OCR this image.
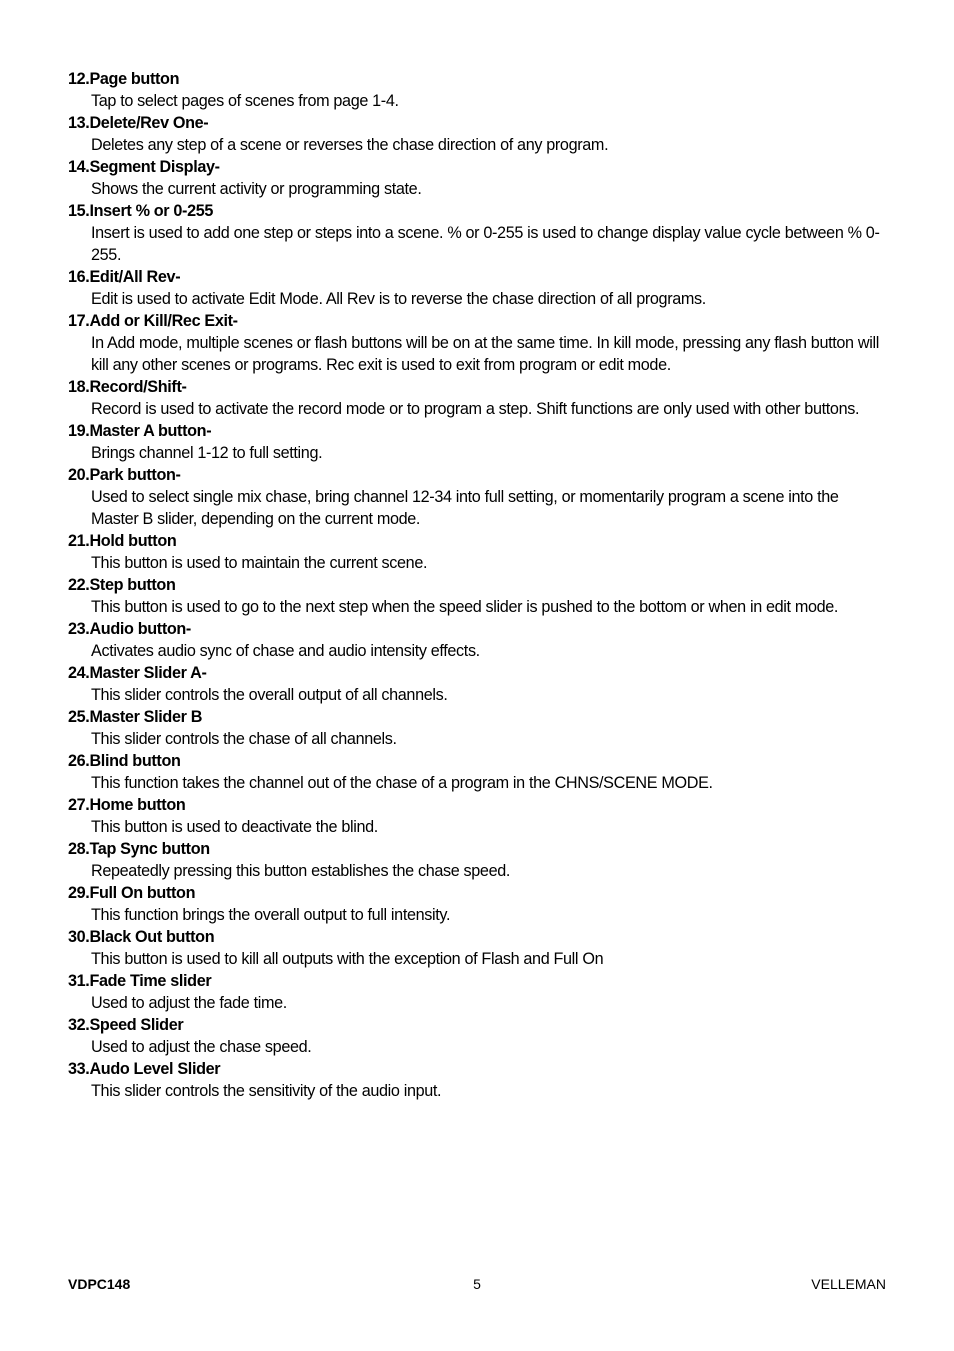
12.Page button
Tap to select pages of scenes from page 1-4.
13.Delete/Rev One-
Deletes any step of a scene or reverses the chase direction of any program.
14.Segment Display-
Shows the current activity or programming state.
15.Insert % or 0-255
Insert is used to add one step or steps into a scene. % or 0-255 is used to change display value cycle between % 0-255.
16.Edit/All Rev-
Edit is used to activate Edit Mode. All Rev is to reverse the chase direction of all programs.
17.Add or Kill/Rec Exit-
In Add mode, multiple scenes or flash buttons will be on at the same time. In kill mode, pressing any flash button will kill any other scenes or programs. Rec exit is used to exit from program or edit mode.
18.Record/Shift-
Record is used to activate the record mode or to program a step. Shift functions are only used with other buttons.
19.Master A button-
Brings channel 1-12 to full setting.
20.Park button-
Used to select single mix chase, bring channel 12-34 into full setting, or momentarily program a scene into the Master B slider, depending on the current mode.
21.Hold button
This button is used to maintain the current scene.
22.Step button
This button is used to go to the next step when the speed slider is pushed to the bottom or when in edit mode.
23.Audio button-
Activates audio sync of chase and audio intensity effects.
24.Master Slider A-
This slider controls the overall output of all channels.
25.Master Slider B
This slider controls the chase of all channels.
26.Blind button
This function takes the channel out of the chase of a program in the CHNS/SCENE MODE.
27.Home button
This button is used to deactivate the blind.
28.Tap Sync button
Repeatedly pressing this button establishes the chase speed.
29.Full On button
This function brings the overall output to full intensity.
30.Black Out button
This button is used to kill all outputs with the exception of Flash and Full On
31.Fade Time slider
Used to adjust the fade time.
32.Speed Slider
Used to adjust the chase speed.
33.Audo Level Slider
This slider controls the sensitivity of the audio input.
VDPC148	5	VELLEMAN
